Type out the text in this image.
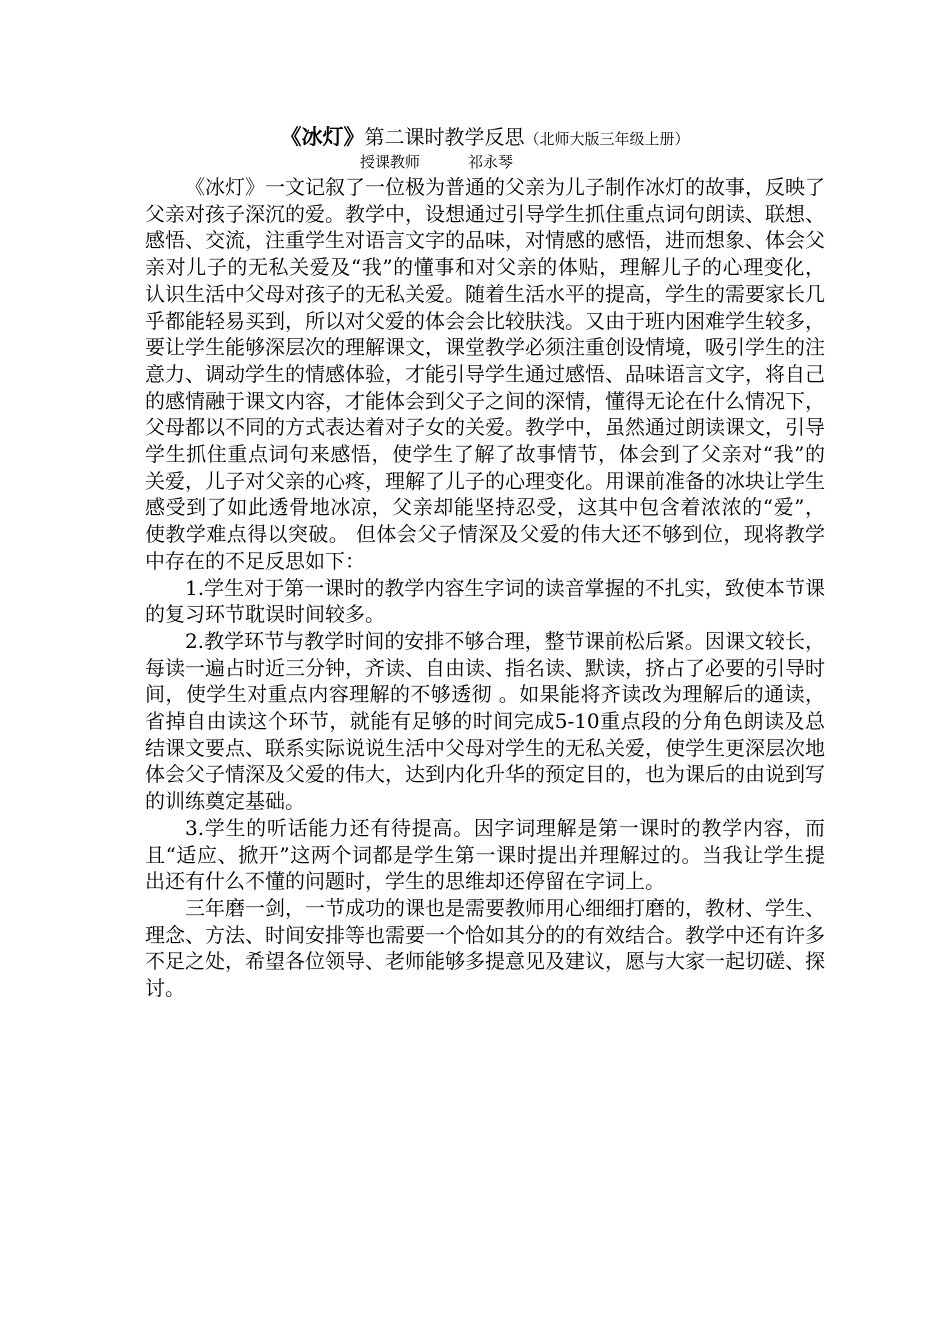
《冰灯》第二课时教学反思（北师大版三年级上册）
授课教师	祁永琴

《冰灯》一文记叙了一位极为普通的父亲为儿子制作冰灯的故事，反映了父亲对孩子深沉的爱。教学中，设想通过引导学生抓住重点词句朗读、联想、感悟、交流，注重学生对语言文字的品味，对情感的感悟，进而想象、体会父亲对儿子的无私关爱及“我”的懂事和对父亲的体贴，理解儿子的心理变化，认识生活中父母对孩子的无私关爱。随着生活水平的提高，学生的需要家长几乎都能轻易买到，所以对父爱的体会会比较肤浅。又由于班内困难学生较多，要让学生能够深层次的理解课文，课堂教学必须注重创设情境，吸引学生的注意力、调动学生的情感体验，才能引导学生通过感悟、品味语言文字，将自己的感情融于课文内容，才能体会到父子之间的深情，懂得无论在什么情况下，父母都以不同的方式表达着对子女的关爱。教学中，虽然通过朗读课文，引导学生抓住重点词句来感悟，使学生了解了故事情节，体会到了父亲对“我”的关爱，儿子对父亲的心疼，理解了儿子的心理变化。用课前准备的冰块让学生感受到了如此透骨地冰凉，父亲却能坚持忍受，这其中包含着浓浓的“爱”，使教学难点得以突破。 但体会父子情深及父爱的伟大还不够到位，现将教学中存在的不足反思如下：

1.学生对于第一课时的教学内容生字词的读音掌握的不扎实，致使本节课的复习环节耽误时间较多。

2.教学环节与教学时间的安排不够合理，整节课前松后紧。因课文较长，每读一遍占时近三分钟，齐读、自由读、指名读、默读，挤占了必要的引导时间，使学生对重点内容理解的不够透彻 。如果能将齐读改为理解后的通读，省掉自由读这个环节，就能有足够的时间完成5-10重点段的分角色朗读及总结课文要点、联系实际说说生活中父母对学生的无私关爱，使学生更深层次地体会父子情深及父爱的伟大，达到内化升华的预定目的，也为课后的由说到写的训练奠定基础。

3.学生的听话能力还有待提高。因字词理解是第一课时的教学内容，而且“适应、掀开”这两个词都是学生第一课时提出并理解过的。当我让学生提出还有什么不懂的问题时，学生的思维却还停留在字词上。

三年磨一剑，一节成功的课也是需要教师用心细细打磨的，教材、学生、理念、方法、时间安排等也需要一个恰如其分的的有效结合。教学中还有许多不足之处，希望各位领导、老师能够多提意见及建议，愿与大家一起切磋、探讨。
